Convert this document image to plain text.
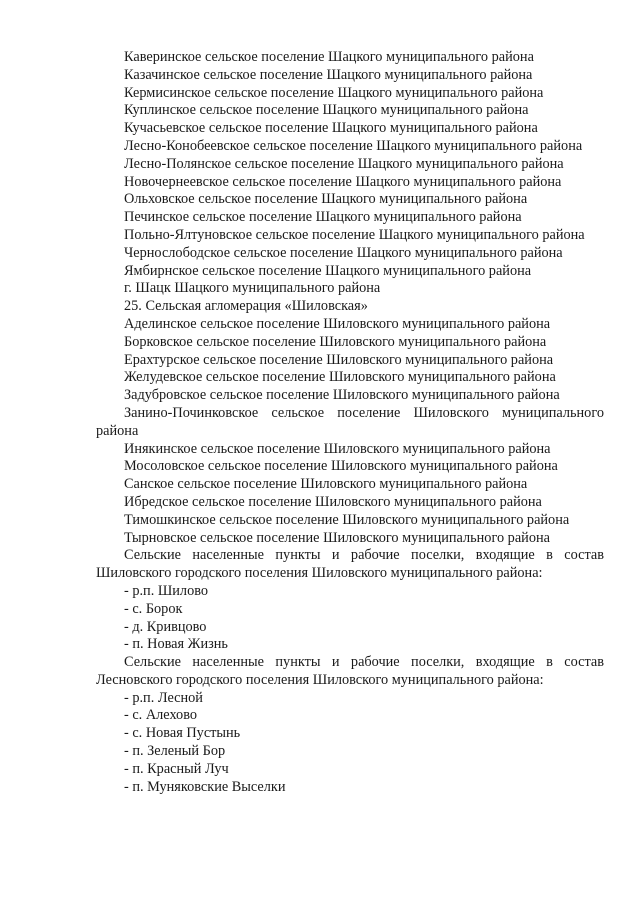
Каверинское сельское поселение Шацкого муниципального района
Казачинское сельское поселение Шацкого муниципального района
Кермисинское сельское поселение Шацкого муниципального района
Куплинское сельское поселение Шацкого муниципального района
Кучасьевское сельское поселение Шацкого муниципального района
Лесно-Конобеевское сельское поселение Шацкого муниципального района
Лесно-Полянское сельское поселение Шацкого муниципального района
Новочернеевское сельское поселение Шацкого муниципального района
Ольховское сельское поселение Шацкого муниципального района
Печинское сельское поселение Шацкого муниципального района
Польно-Ялтуновское сельское поселение Шацкого муниципального района
Чернослободское сельское поселение Шацкого муниципального района
Ямбирнское сельское поселение Шацкого муниципального района
г. Шацк Шацкого муниципального района
25. Сельская агломерация «Шиловская»
Аделинское сельское поселение Шиловского муниципального района
Борковское сельское поселение Шиловского муниципального района
Ерахтурское сельское поселение Шиловского муниципального района
Желудевское сельское поселение Шиловского муниципального района
Задубровское сельское поселение Шиловского муниципального района
Занино-Починковское сельское поселение Шиловского муниципального района
Инякинское сельское поселение Шиловского муниципального района
Мосоловское сельское поселение Шиловского муниципального района
Санское сельское поселение Шиловского муниципального района
Ибредское сельское поселение Шиловского муниципального района
Тимошкинское сельское поселение Шиловского муниципального района
Тырновское сельское поселение Шиловского муниципального района
Сельские населенные пункты и рабочие поселки, входящие в состав Шиловского городского поселения Шиловского муниципального района:
- р.п. Шилово
- с. Борок
- д. Кривцово
- п. Новая Жизнь
Сельские населенные пункты и рабочие поселки, входящие в состав Лесновского городского поселения Шиловского муниципального района:
- р.п. Лесной
- с. Алехово
- с. Новая Пустынь
- п. Зеленый Бор
- п. Красный Луч
- п. Муняковские Выселки
